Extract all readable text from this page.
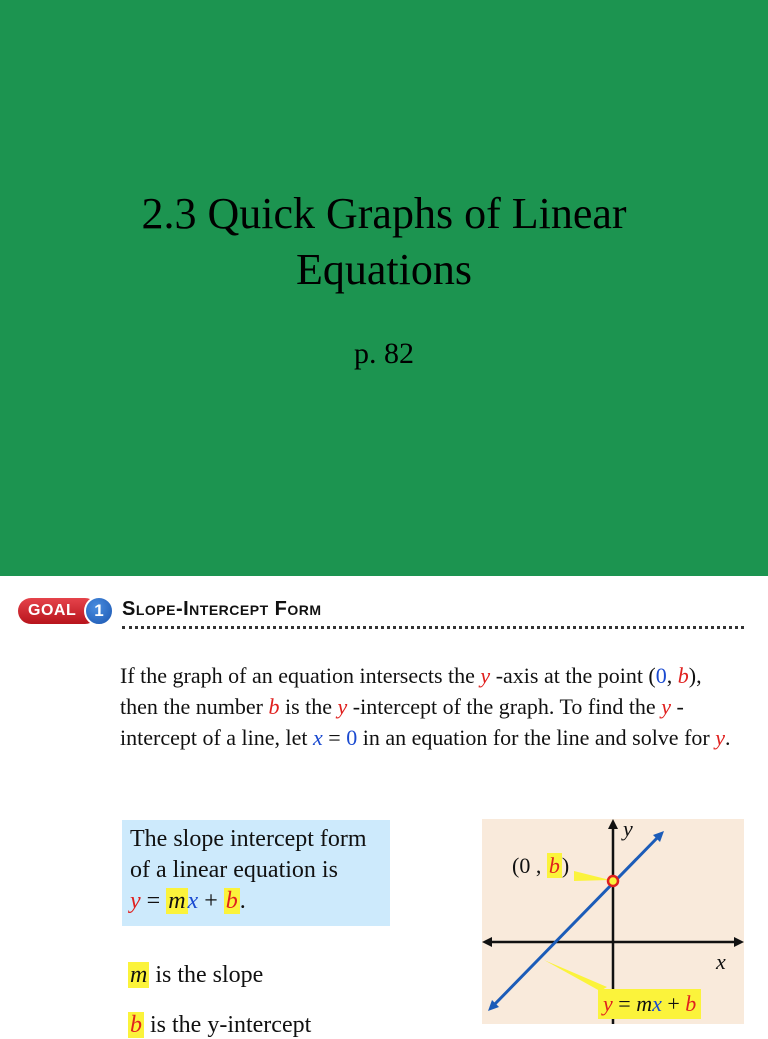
2.3 Quick Graphs of Linear Equations
p. 82
GOAL	1 Slope-Intercept Form
If the graph of an equation intersects the y -axis at the point (0, b), then the number b is the y -intercept of the graph. To find the y -intercept of a line, let x = 0 in an equation for the line and solve for y.
The slope intercept form
of a linear equation is
y = mx + b.
m is the slope
b is the y-intercept
y
x
(0 , b)
y = mx + b
